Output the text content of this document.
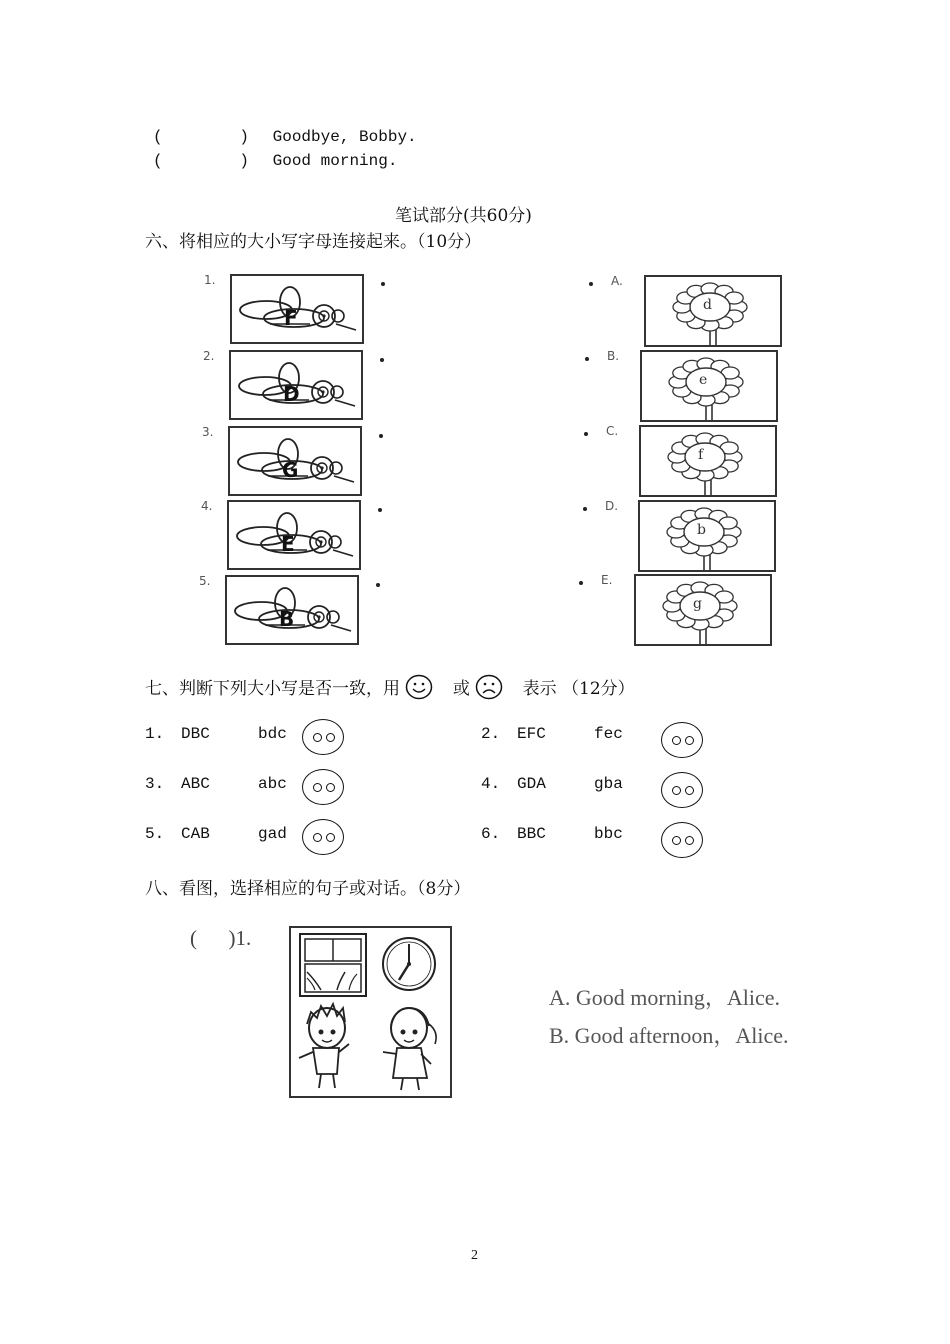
(        ) Goodbye, Bobby.
(        ) Good morning.
笔试部分(共60分)
六、将相应的大小写字母连接起来。（10分）
1.
F
2.
D
3.
G
4.
E
5.
B
A.
d
B.
e
C.
f
D.
b
E.
g
七、判断下列大小写是否一致，用	或	表示 （12分）
1. DBC	bdc	2. EFC	fec
3. ABC	abc	4. GDA	gba
5. CAB	gad	6. BBC	bbc
八、看图，选择相应的句子或对话。（8分）
(      )1.
A. Good morning，Alice.
B. Good afternoon，Alice.
2
